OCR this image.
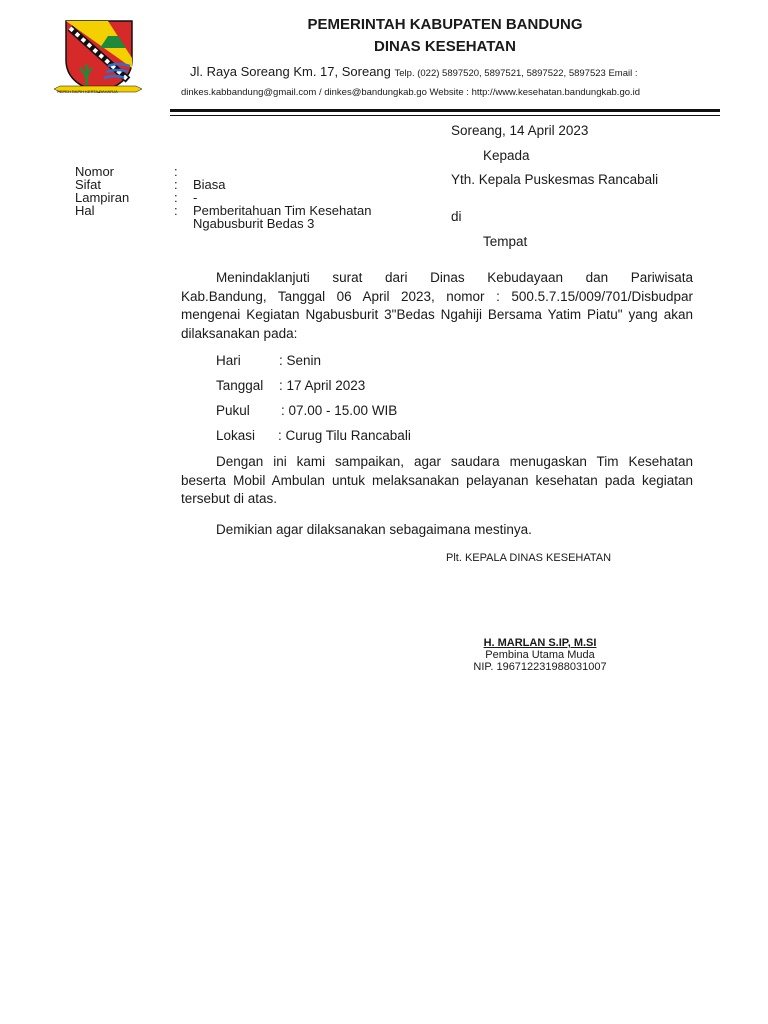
REPEH RAPIH KERTA RAHARJA
PEMERINTAH KABUPATEN BANDUNG
DINAS KESEHATAN
Jl. Raya Soreang Km. 17, Soreang Telp. (022) 5897520, 5897521, 5897522, 5897523 Email :
dinkes.kabbandung@gmail.com / dinkes@bandungkab.go Website : http://www.kesehatan.bandungkab.go.id
Soreang, 14 April 2023
Kepada
Yth. Kepala Puskesmas Rancabali
di
Tempat
Nomor	:
Sifat	: Biasa
Lampiran	: -
Hal	: Pemberitahuan Tim Kesehatan
Ngabusburit Bedas 3
Menindaklanjuti surat dari Dinas Kebudayaan dan Pariwisata
Kab.Bandung, Tanggal 06 April 2023, nomor : 500.5.7.15/009/701/Disbudpar mengenai Kegiatan Ngabusburit 3"Bedas Ngahiji Bersama Yatim Piatu" yang akan dilaksanakan pada:
Hari	: Senin
Tanggal : 17 April 2023
Pukul : 07.00 - 15.00 WIB
Lokasi : Curug Tilu Rancabali
Dengan ini kami sampaikan, agar saudara menugaskan Tim Kesehatan
beserta Mobil Ambulan untuk melaksanakan pelayanan kesehatan pada kegiatan tersebut di atas.
Demikian agar dilaksanakan sebagaimana mestinya.
Plt. KEPALA DINAS KESEHATAN
H. MARLAN S.IP, M.SI
Pembina Utama Muda
NIP. 196712231988031007
